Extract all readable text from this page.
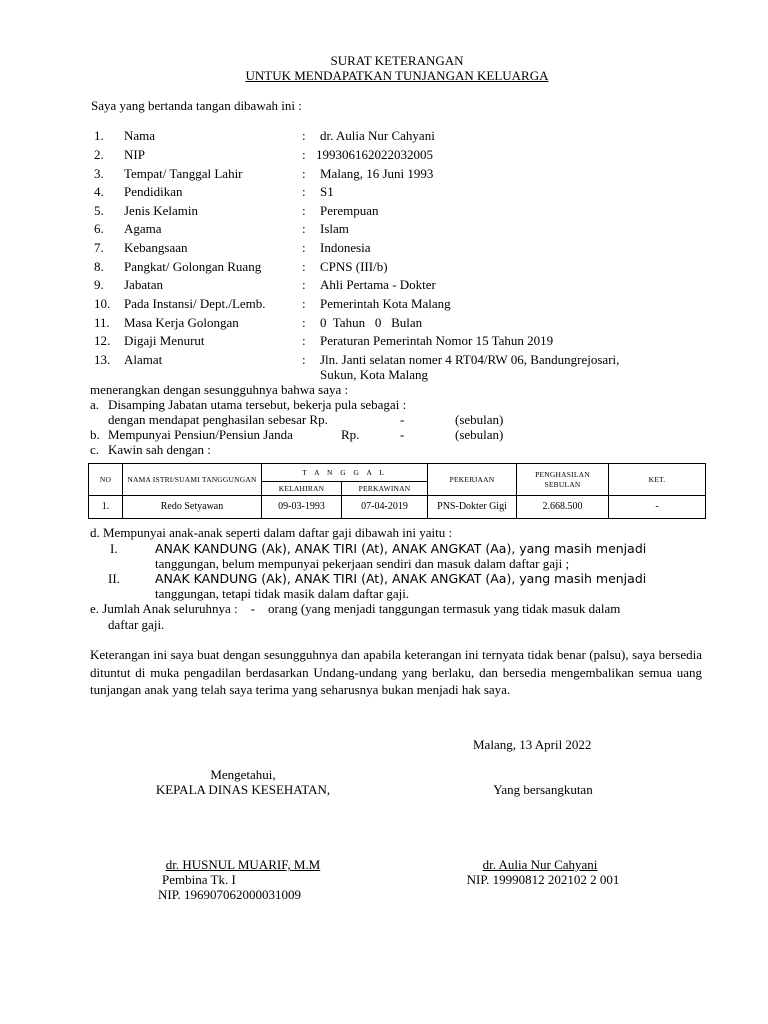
SURAT KETERANGAN
UNTUK MENDAPATKAN TUNJANGAN KELUARGA
Saya yang bertanda tangan dibawah ini :
1. Nama	: dr. Aulia Nur Cahyani
2. NIP	: 199306162022032005
3. Tempat/ Tanggal Lahir	: Malang, 16 Juni 1993
4. Pendidikan	: S1
5. Jenis Kelamin	: Perempuan
6. Agama	: Islam
7. Kebangsaan	: Indonesia
8. Pangkat/ Golongan Ruang	: CPNS (III/b)
9. Jabatan	: Ahli Pertama - Dokter
10. Pada Instansi/ Dept./Lemb.	: Pemerintah Kota Malang
11. Masa Kerja Golongan	: 0  Tahun   0   Bulan
12. Digaji Menurut	: Peraturan Pemerintah Nomor 15 Tahun 2019
13. Alamat	: Jln. Janti selatan nomer 4 RT04/RW 06, Bandungrejosari,
Sukun, Kota Malang
menerangkan dengan sesungguhnya bahwa saya :
a. Disamping Jabatan utama tersebut, bekerja pula sebagai :
dengan mendapat penghasilan sebesar Rp.	-	(sebulan)
b. Mempunyai Pensiun/Pensiun Janda	Rp.	-	(sebulan)
c. Kawin sah dengan :
NO	NAMA ISTRI/SUAMI TANGGUNGAN	T A N G G A L		PEKERJAAN	PENGHASILAN SEBULAN	KET.
		KELAHIRAN	PERKAWINAN			
1.	Redo Setyawan	09-03-1993	07-04-2019	PNS-Dokter Gigi	2.668.500	-
d. Mempunyai anak-anak seperti dalam daftar gaji dibawah ini yaitu :
I.	ANAK KANDUNG (Ak), ANAK TIRI (At), ANAK ANGKAT (Aa), yang masih menjadi
tanggungan, belum mempunyai pekerjaan sendiri dan masuk dalam daftar gaji ;
II.	ANAK KANDUNG (Ak), ANAK TIRI (At), ANAK ANGKAT (Aa), yang masih menjadi
tanggungan, tetapi tidak masik dalam daftar gaji.
e. Jumlah Anak seluruhnya :    -    orang (yang menjadi tanggungan termasuk yang tidak masuk dalam
daftar gaji.
Keterangan ini saya buat dengan sesungguhnya dan apabila keterangan ini ternyata tidak benar (palsu), saya bersedia dituntut di muka pengadilan berdasarkan Undang-undang yang berlaku, dan bersedia mengembalikan semua uang tunjangan anak yang telah saya terima yang seharusnya bukan menjadi hak saya.
Malang, 13 April 2022
Mengetahui,
KEPALA DINAS KESEHATAN,
dr. HUSNUL MUARIF, M.M
Pembina Tk. I
NIP. 196907062000031009
Yang bersangkutan
dr. Aulia Nur Cahyani
NIP. 19990812 202102 2 001
